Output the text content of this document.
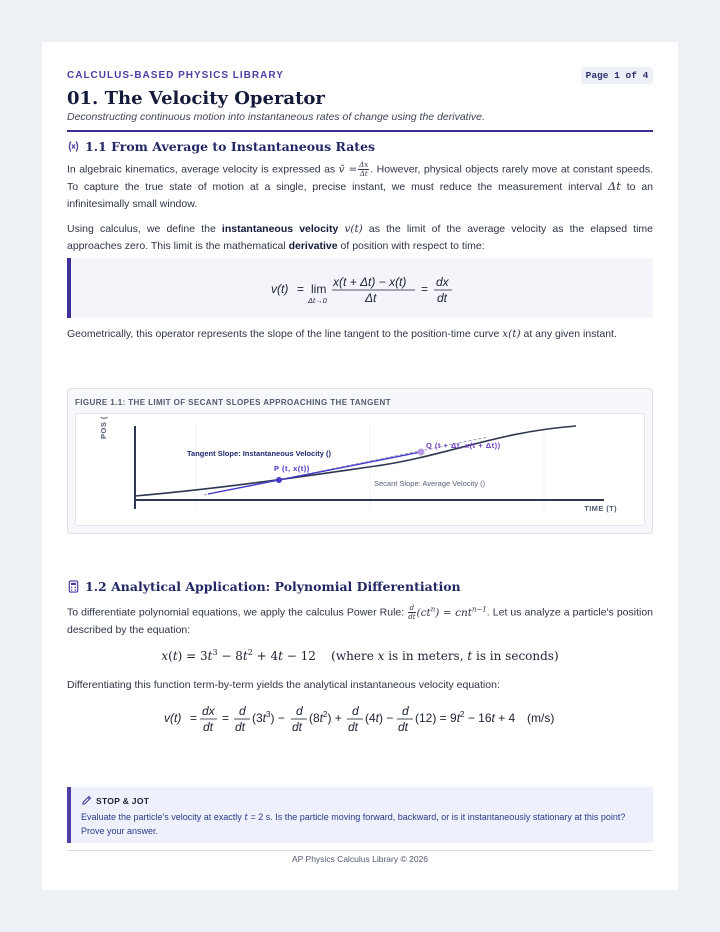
CALCULUS-BASED PHYSICS LIBRARY	Page 1 of 4
01. The Velocity Operator
Deconstructing continuous motion into instantaneous rates of change using the derivative.
1.1 From Average to Instantaneous Rates
In algebraic kinematics, average velocity is expressed as v̄ = $\frac{\Delta x}{\Delta t}$ . However, physical objects rarely move at constant speeds. To capture the true state of motion at a single, precise instant, we must reduce the measurement interval Δt to an infinitesimally small window.
Using calculus, we define the instantaneous velocity v(t) as the limit of the average velocity as the elapsed time approaches zero. This limit is the mathematical derivative of position with respect to time:
v(t) = lim
Δt→0
x(t + Δt) − x(t)
Δt
= dx
dt
Geometrically, this operator represents the slope of the line tangent to the position-time curve x(t) at any given instant.
FIGURE 1.1: THE LIMIT OF SECANT SLOPES APPROACHING THE TANGENT
POS (
TIME (T)
Tangent Slope: Instantaneous Velocity ()
P (t, x(t))
Q (t + Δt, x(t + Δt))
Secant Slope: Average Velocity ()
1.2 Analytical Application: Polynomial Differentiation
To differentiate polynomial equations, we apply the calculus Power Rule: $\frac{d}{dt} (ct^n) = cnt^{n-1}$. Let us analyze a particle's position described by the equation:
$x(t) = 3t^3 - 8t^2 + 4t - 12$    (where x is in meters, t is in seconds)
Differentiating this function term-by-term yields the analytical instantaneous velocity equation:
v(t) = dx
dt
= d
dt
$(3t^3) - d$
dt
$(8t^2) + d$
dt
(4t) − d
dt
$(12) = 9t^2 - 16t + 4$ (m/s)
STOP & JOT
Evaluate the particle's velocity at exactly t = 2 s. Is the particle moving forward, backward, or is it instantaneously stationary at this point? Prove your answer.
AP Physics Calculus Library © 2026
